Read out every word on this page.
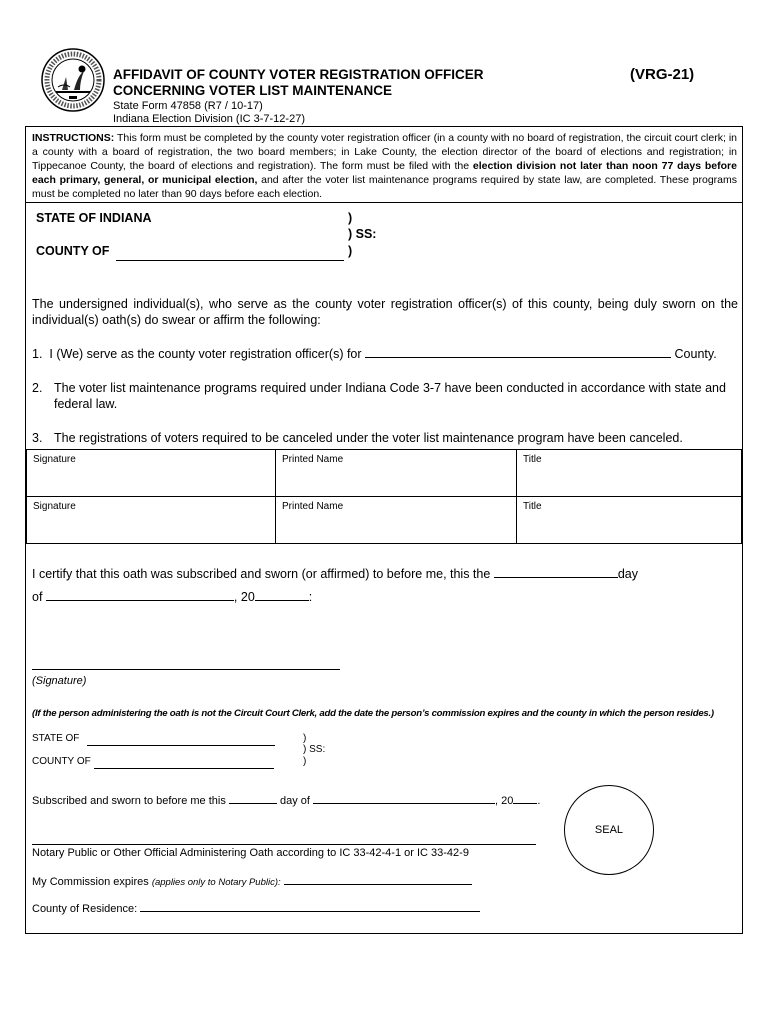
AFFIDAVIT OF COUNTY VOTER REGISTRATION OFFICER
CONCERNING VOTER LIST MAINTENANCE
(VRG-21)
State Form 47858 (R7 / 10-17)
Indiana Election Division (IC 3-7-12-27)
INSTRUCTIONS: This form must be completed by the county voter registration officer (in a county with no board of registration, the circuit court clerk; in a county with a board of registration, the two board members; in Lake County, the election director of the board of elections and registration; in Tippecanoe County, the board of elections and registration). The form must be filed with the election division not later than noon 77 days before each primary, general, or municipal election, and after the voter list maintenance programs required by state law, are completed. These programs must be completed no later than 90 days before each election.
STATE OF INDIANA
COUNTY OF
)
) SS:
)
The undersigned individual(s), who serve as the county voter registration officer(s) of this county, being duly sworn on the individual(s) oath(s) do swear or affirm the following:
1. I (We) serve as the county voter registration officer(s) for	County.
2. The voter list maintenance programs required under Indiana Code 3-7 have been conducted in accordance with state and federal law.
3. The registrations of voters required to be canceled under the voter list maintenance program have been canceled.
Signature	Printed Name	Title
Signature	Printed Name	Title
I certify that this oath was subscribed and sworn (or affirmed) to before me, this the	day
of	, 20	:
(Signature)
(If the person administering the oath is not the Circuit Court Clerk, add the date the person’s commission expires and the county in which the person resides.)
STATE OF
COUNTY OF
)
) SS:
)
Subscribed and sworn to before me this	day of	, 20 .
SEAL
Notary Public or Other Official Administering Oath according to IC 33-42-4-1 or IC 33-42-9
My Commission expires (applies only to Notary Public):
County of Residence:
